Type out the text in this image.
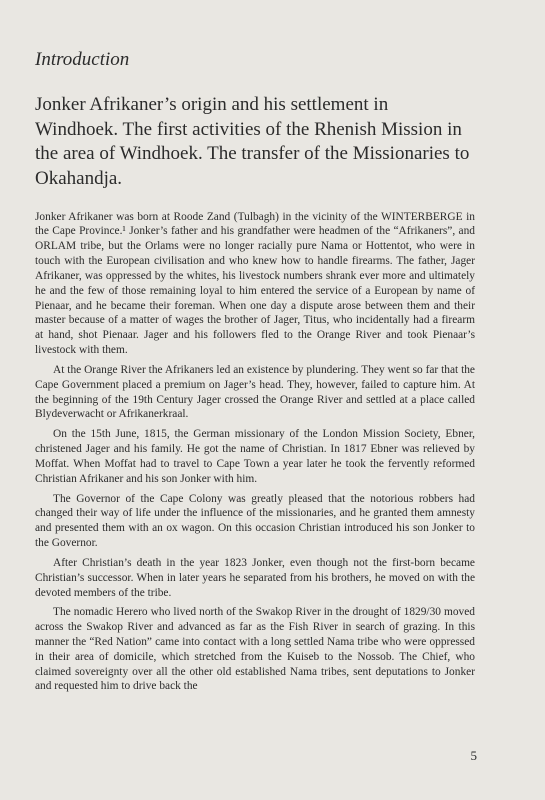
Introduction
Jonker Afrikaner’s origin and his settlement in Windhoek. The first activities of the Rhenish Mission in the area of Windhoek. The transfer of the Missionaries to Okahandja.

Jonker Afrikaner was born at Roode Zand (Tulbagh) in the vicinity of the WINTERBERGE in the Cape Province.¹ Jonker’s father and his grandfather were headmen of the “Afrikaners”, and ORLAM tribe, but the Orlams were no longer racially pure Nama or Hottentot, who were in touch with the European civilisation and who knew how to handle firearms. The father, Jager Afrikaner, was oppressed by the whites, his livestock numbers shrank ever more and ultimately he and the few of those remaining loyal to him entered the service of a European by name of Pienaar, and he became their foreman. When one day a dispute arose between them and their master because of a matter of wages the brother of Jager, Titus, who incidentally had a firearm at hand, shot Pienaar. Jager and his followers fled to the Orange River and took Pienaar’s livestock with them.

At the Orange River the Afrikaners led an existence by plundering. They went so far that the Cape Government placed a premium on Jager’s head. They, however, failed to capture him. At the beginning of the 19th Century Jager crossed the Orange River and settled at a place called Blydeverwacht or Afrikanerkraal.

On the 15th June, 1815, the German missionary of the London Mission Society, Ebner, christened Jager and his family. He got the name of Christian. In 1817 Ebner was relieved by Moffat. When Moffat had to travel to Cape Town a year later he took the fervently reformed Christian Afrikaner and his son Jonker with him.

The Governor of the Cape Colony was greatly pleased that the notorious robbers had changed their way of life under the influence of the missionaries, and he granted them amnesty and presented them with an ox wagon. On this occasion Christian introduced his son Jonker to the Governor.

After Christian’s death in the year 1823 Jonker, even though not the first-born became Christian’s successor. When in later years he separated from his brothers, he moved on with the devoted members of the tribe.

The nomadic Herero who lived north of the Swakop River in the drought of 1829/30 moved across the Swakop River and advanced as far as the Fish River in search of grazing. In this manner the “Red Nation” came into contact with a long settled Nama tribe who were oppressed in their area of domicile, which stretched from the Kuiseb to the Nossob. The Chief, who claimed sovereignty over all the other old established Nama tribes, sent deputations to Jonker and requested him to drive back the

5
